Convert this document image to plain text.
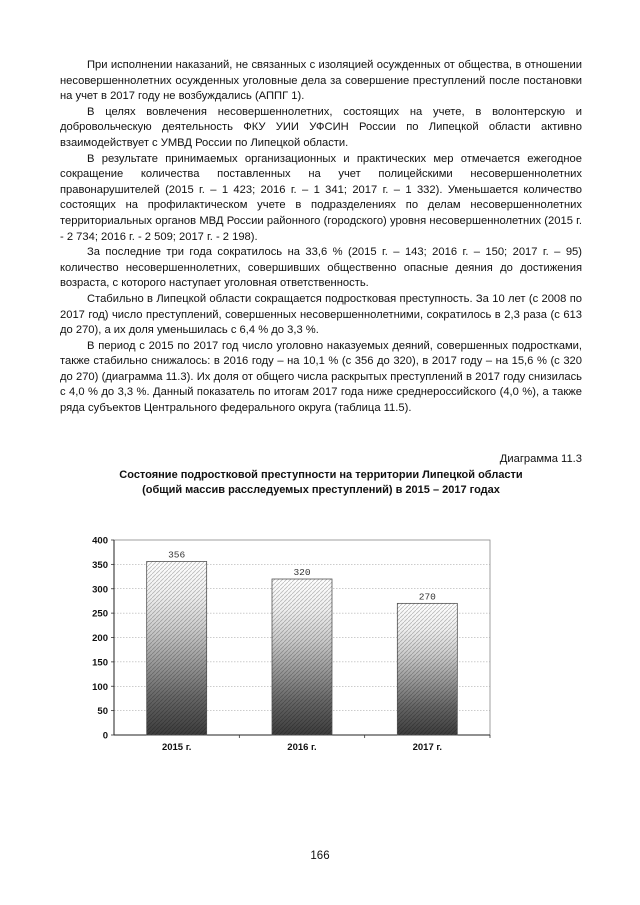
При исполнении наказаний, не связанных с изоляцией осужденных от общества, в отношении несовершеннолетних осужденных уголовные дела за совершение преступлений после постановки на учет в 2017 году не возбуждались (АППГ 1).

В целях вовлечения несовершеннолетних, состоящих на учете, в волонтерскую и добровольческую деятельность ФКУ УИИ УФСИН России по Липецкой области активно взаимодействует с УМВД России по Липецкой области.

В результате принимаемых организационных и практических мер отмечается ежегодное сокращение количества поставленных на учет полицейскими несовершеннолетних правонарушителей (2015 г. – 1 423; 2016 г. – 1 341; 2017 г. – 1 332). Уменьшается количество состоящих на профилактическом учете в подразделениях по делам несовершеннолетних территориальных органов МВД России районного (городского) уровня несовершеннолетних (2015 г. - 2 734; 2016 г. - 2 509; 2017 г. - 2 198).

За последние три года сократилось на 33,6 % (2015 г. – 143; 2016 г. – 150; 2017 г. – 95) количество несовершеннолетних, совершивших общественно опасные деяния до достижения возраста, с которого наступает уголовная ответственность.

Стабильно в Липецкой области сокращается подростковая преступность. За 10 лет (с 2008 по 2017 год) число преступлений, совершенных несовершеннолетними, сократилось в 2,3 раза (с 613 до 270), а их доля уменьшилась с 6,4 % до 3,3 %.

В период с 2015 по 2017 год число уголовно наказуемых деяний, совершенных подростками, также стабильно снижалось: в 2016 году – на 10,1 % (с 356 до 320), в 2017 году – на 15,6 % (с 320 до 270) (диаграмма 11.3). Их доля от общего числа раскрытых преступлений в 2017 году снизилась с 4,0 % до 3,3 %. Данный показатель по итогам 2017 года ниже среднероссийского (4,0 %), а также ряда субъектов Центрального федерального округа (таблица 11.5).

Диаграмма 11.3
Состояние подростковой преступности на территории Липецкой области
(общий массив расследуемых преступлений) в 2015 – 2017 годах
0
50
100
150
200
250
300
350
400
356
2015 г.
320
2016 г.
270
2017 г.
166
